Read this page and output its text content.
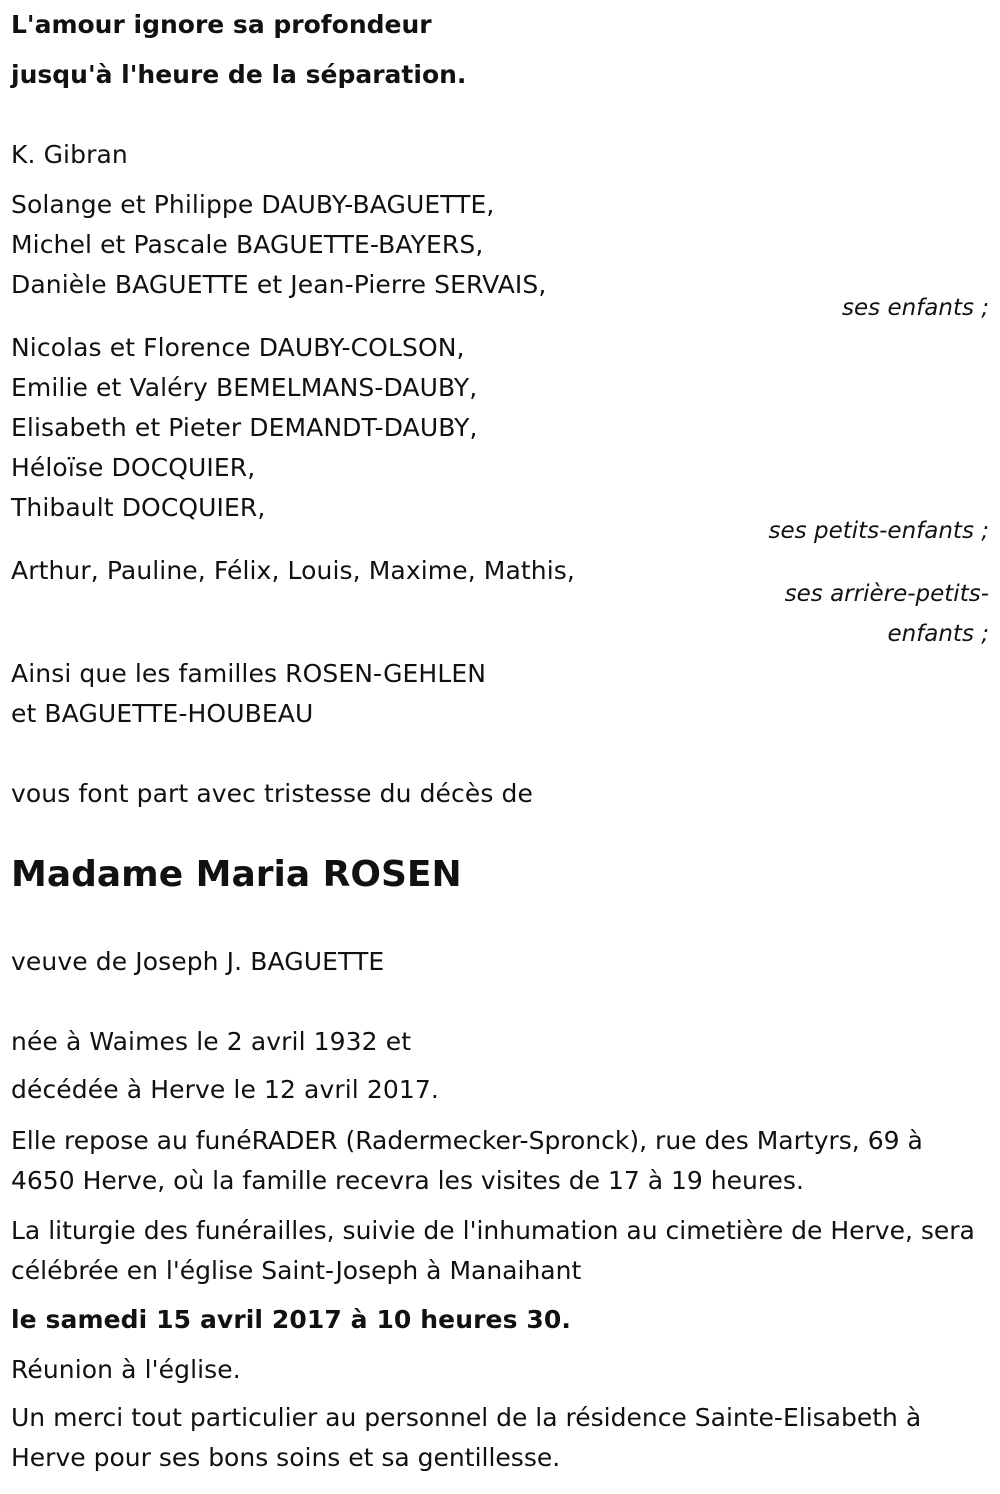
L'amour ignore sa profondeur
jusqu'à l'heure de la séparation.
K. Gibran
Solange et Philippe DAUBY-BAGUETTE,
Michel et Pascale BAGUETTE-BAYERS,
Danièle BAGUETTE et Jean-Pierre SERVAIS,
ses enfants ;
Nicolas et Florence DAUBY-COLSON,
Emilie et Valéry BEMELMANS-DAUBY,
Elisabeth et Pieter DEMANDT-DAUBY,
Héloïse DOCQUIER,
Thibault DOCQUIER,
ses petits-enfants ;
Arthur, Pauline, Félix, Louis, Maxime, Mathis,
ses arrière-petits-
enfants ;
Ainsi que les familles ROSEN-GEHLEN
et BAGUETTE-HOUBEAU
vous font part avec tristesse du décès de
Madame Maria ROSEN
veuve de Joseph J. BAGUETTE
née à Waimes le 2 avril 1932 et
décédée à Herve le 12 avril 2017.
Elle repose au funéRADER (Radermecker-Spronck), rue des Martyrs, 69 à 4650 Herve, où la famille recevra les visites de 17 à 19 heures.
La liturgie des funérailles, suivie de l'inhumation au cimetière de Herve, sera célébrée en l'église Saint-Joseph à Manaihant
le samedi 15 avril 2017 à 10 heures 30.
Réunion à l'église.
Un merci tout particulier au personnel de la résidence Sainte-Elisabeth à Herve pour ses bons soins et sa gentillesse.
